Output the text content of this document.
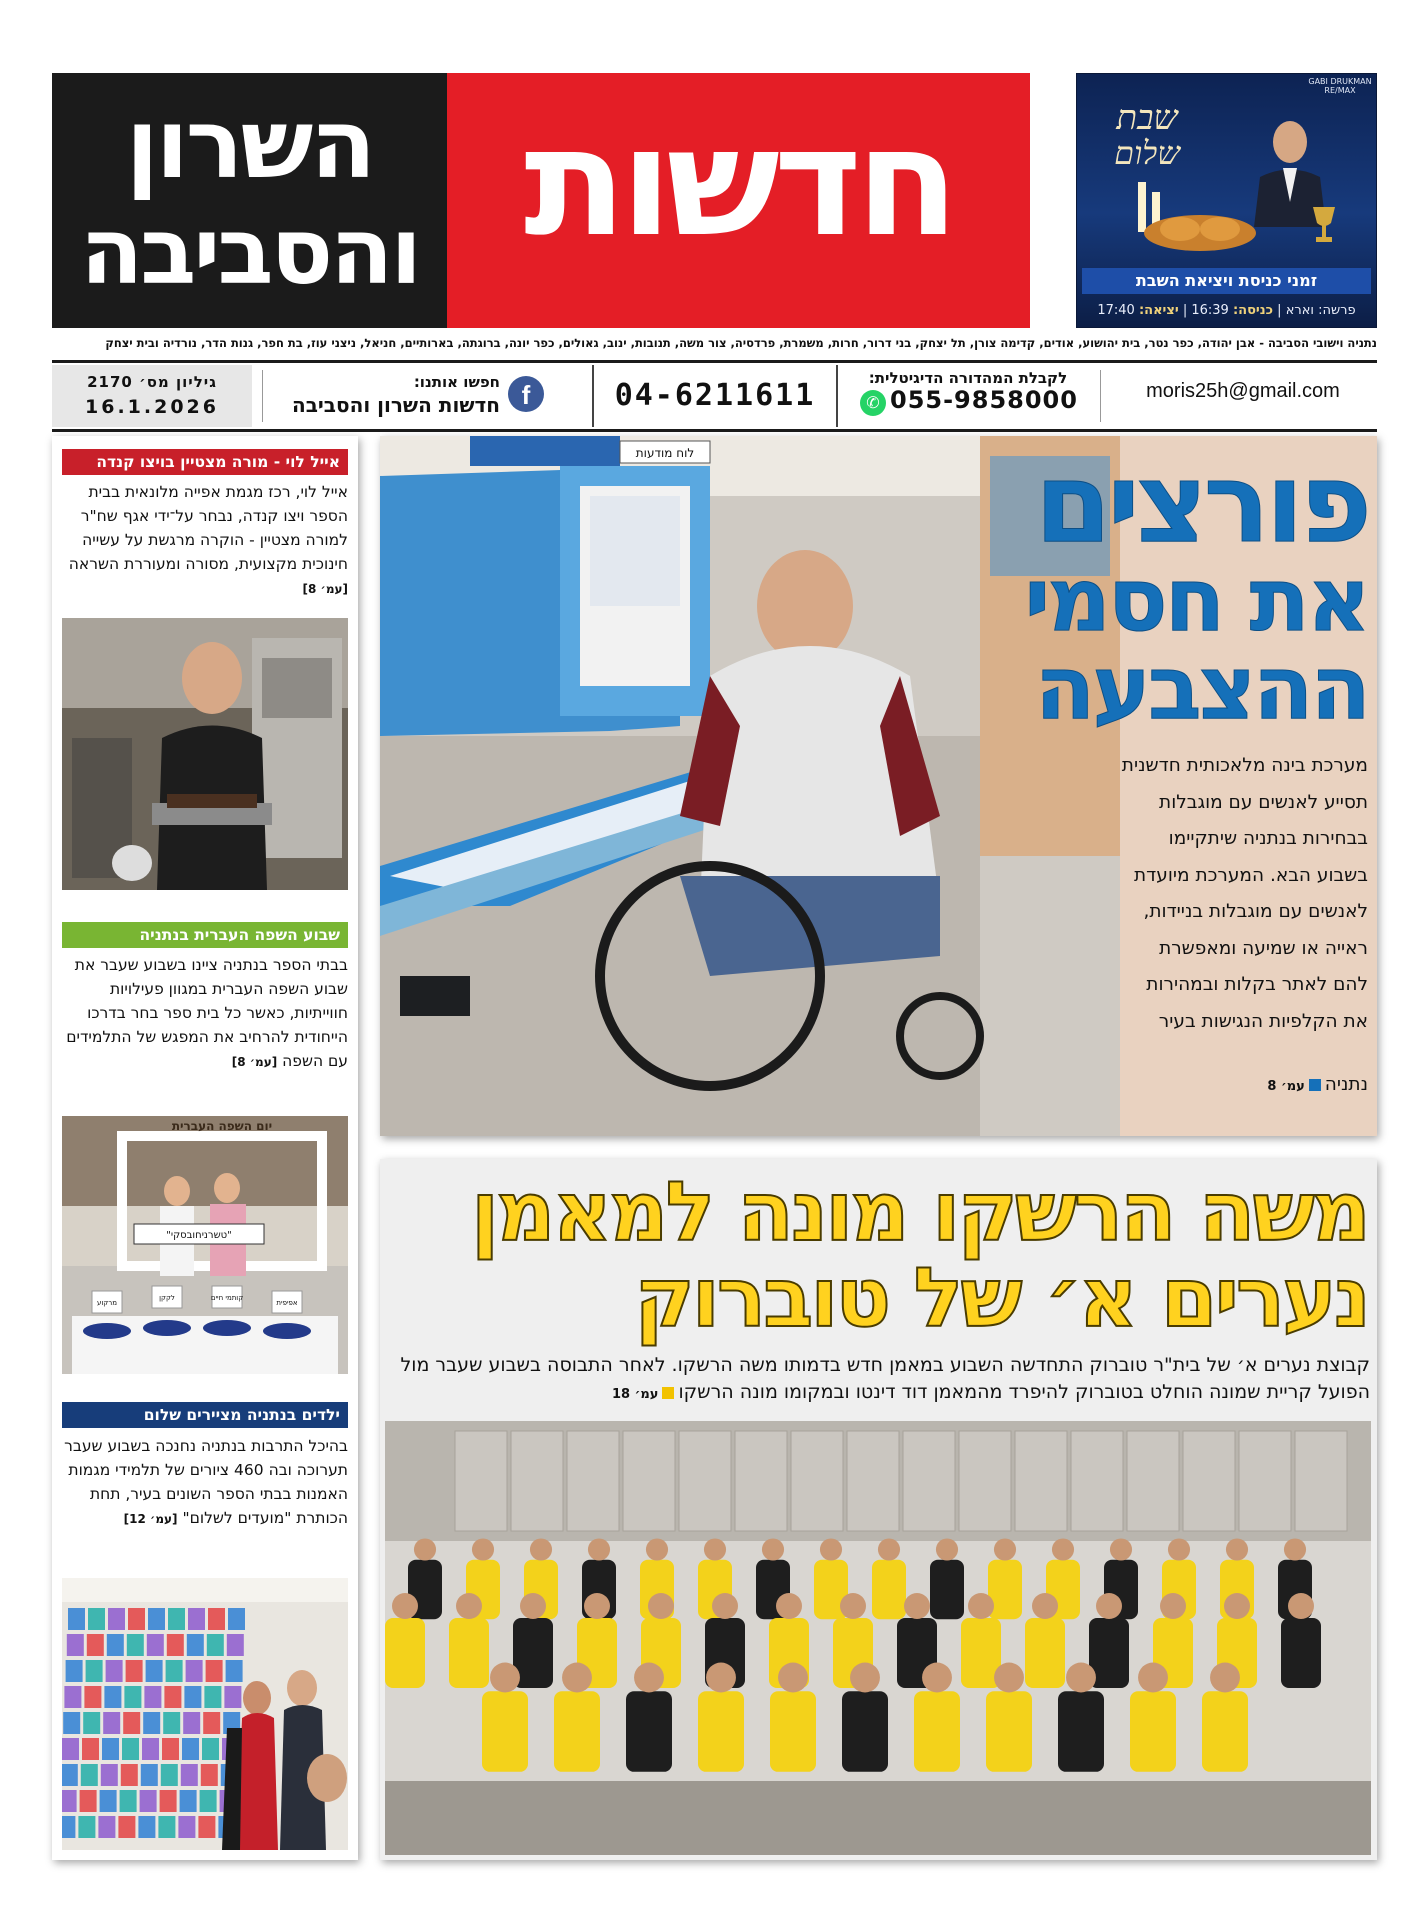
השרון
והסביבה חדשות
GABI DRUKMAN RE/MAX
שבת
שלום
זמני כניסת ויציאת השבת
פרשה: וארא | כניסה: 16:39 | יציאה: 17:40
נתניה וישובי הסביבה - אבן יהודה, כפר נטר, בית יהושוע, אודים, קדימה צורן, תל יצחק, בני דרור, חרות, משמרת, פרדסיה, צור משה, תנובות, ינוב, גאולים, כפר יונה, ברוגתה, בארותיים, חניאל, ניצני עוז, בת חפר, גנות הדר, נורדיה ובית יצחק
גיליון מס׳ 2170
16.1.2026
חפשו אותנו:
חדשות השרון והסביבה f	04-6211611	לקבלת המהדורה הדיגיטלית:
✆ 055-9858000	moris25h@gmail.com
אייל לוי - מורה מצטיין בויצו קנדה
אייל לוי, רכז מגמת אפייה מלונאית בבית הספר ויצו קנדה, נבחר על־ידי אגף שח"ר למורה מצטיין - הוקרה מרגשת על עשייה חינוכית מקצועית, מסורה ומעוררת השראה [עמ׳ 8]
שבוע השפה העברית בנתניה
בבתי הספר בנתניה ציינו בשבוע שעבר את שבוע השפה העברית במגוון פעילויות חווייתיות, כאשר כל בית ספר בחר בדרכו הייחודית להרחיב את המפגש של התלמידים עם השפה [עמ׳ 8]
יום השפה העברית
"טשרניחובסקי"
מרקוע
לקקן	קותמי חיים
אפיפית
ילדים בנתניה מציירים שלום
בהיכל התרבות בנתניה נחנכה בשבוע שעבר תערוכה ובה 460 ציורים של תלמידי מגמות האמנות בבתי הספר השונים בעיר, תחת הכותרת "מועדים לשלום" [עמ׳ 12]
לוח מודעות	פורצים
את חסמי
ההצבעה
מערכת בינה מלאכותית חדשנית תסייע לאנשים עם מוגבלות בבחירות בנתניה שיתקיימו בשבוע הבא. המערכת מיועדת לאנשים עם מוגבלות בניידות, ראייה או שמיעה ומאפשרת להם לאתר בקלות ובמהירות את הקלפיות הנגישות בעיר
נתניהעמ׳ 8
משה הרשקו מונה למאמן
נערים א׳ של טוברוק
קבוצת נערים א׳ של בית"ר טוברוק התחדשה השבוע במאמן חדש בדמותו משה הרשקו. לאחר התבוסה בשבוע שעבר מול הפועל קריית שמונה הוחלט בטוברוק להיפרד מהמאמן דוד דינטו ובמקומו מונה הרשקועמ׳ 18
